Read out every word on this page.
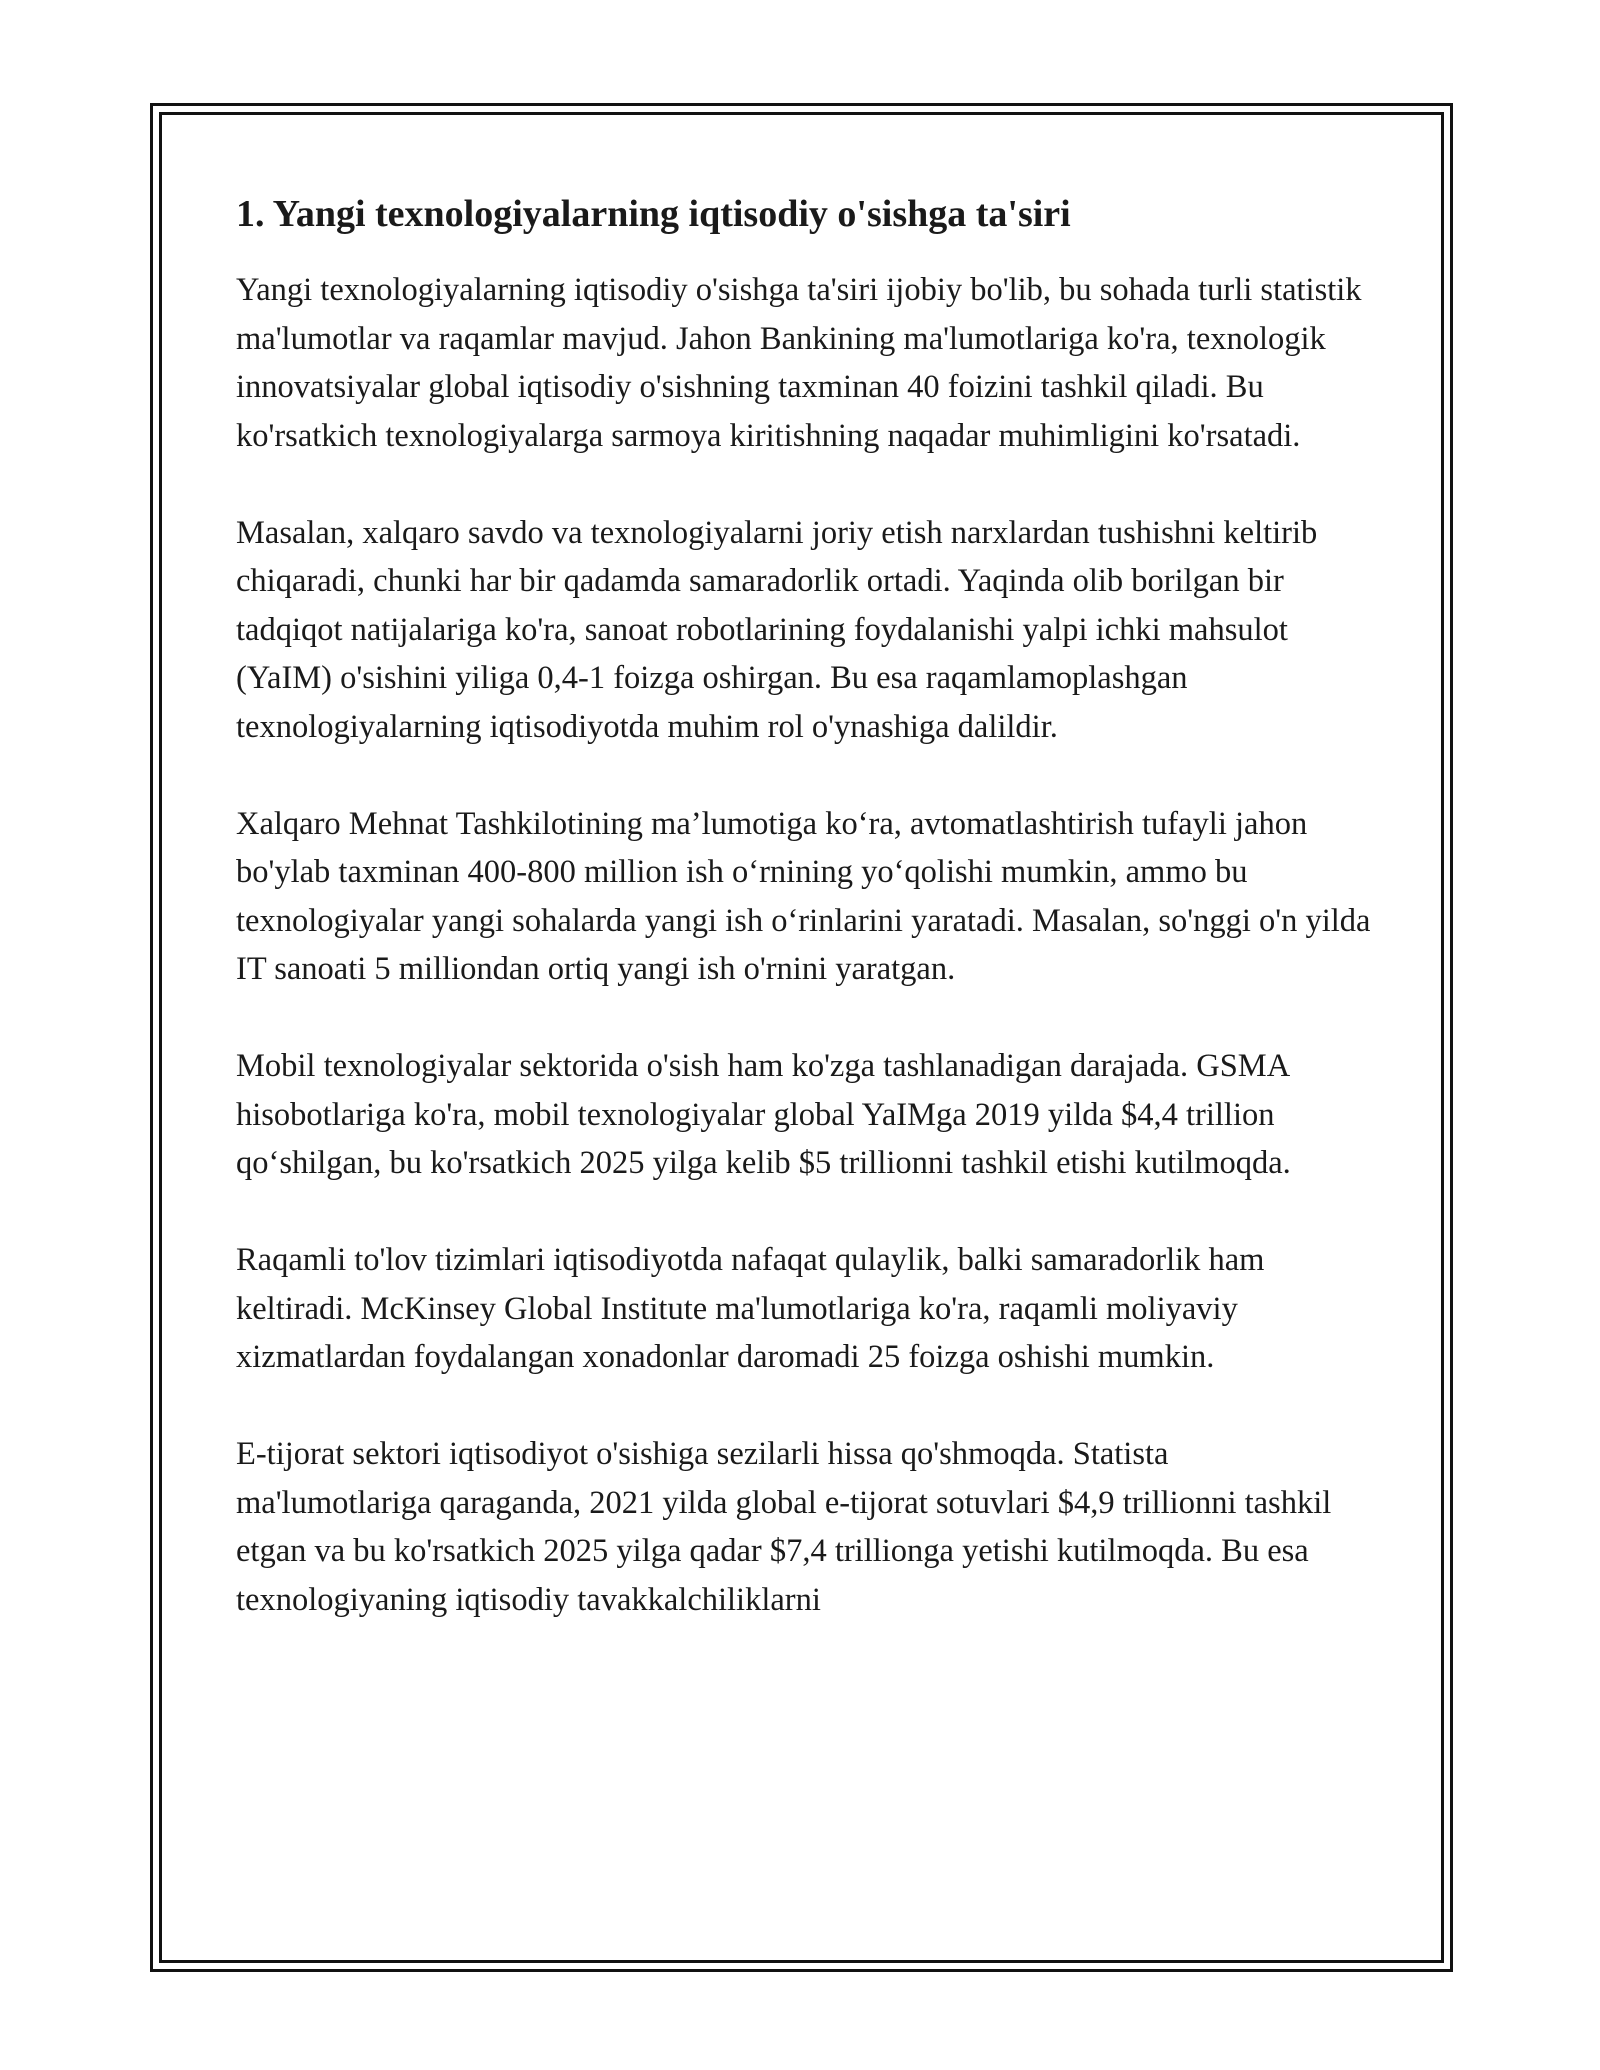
1. Yangi texnologiyalarning iqtisodiy o'sishga ta'siri

Yangi texnologiyalarning iqtisodiy o'sishga ta'siri ijobiy bo'lib, bu sohada turli statistik ma'lumotlar va raqamlar mavjud. Jahon Bankining ma'lumotlariga ko'ra, texnologik innovatsiyalar global iqtisodiy o'sishning taxminan 40 foizini tashkil qiladi. Bu ko'rsatkich texnologiyalarga sarmoya kiritishning naqadar muhimligini ko'rsatadi.

Masalan, xalqaro savdo va texnologiyalarni joriy etish narxlardan tushishni keltirib chiqaradi, chunki har bir qadamda samaradorlik ortadi. Yaqinda olib borilgan bir tadqiqot natijalariga ko'ra, sanoat robotlarining foydalanishi yalpi ichki mahsulot (YaIM) o'sishini yiliga 0,4-1 foizga oshirgan. Bu esa raqamlamoplashgan texnologiyalarning iqtisodiyotda muhim rol o'ynashiga dalildir.

Xalqaro Mehnat Tashkilotining ma’lumotiga ko‘ra, avtomatlashtirish tufayli jahon bo'ylab taxminan 400-800 million ish o‘rnining yo‘qolishi mumkin, ammo bu texnologiyalar yangi sohalarda yangi ish o‘rinlarini yaratadi. Masalan, so'nggi o'n yilda IT sanoati 5 milliondan ortiq yangi ish o'rnini yaratgan.

Mobil texnologiyalar sektorida o'sish ham ko'zga tashlanadigan darajada. GSMA hisobotlariga ko'ra, mobil texnologiyalar global YaIMga 2019 yilda $4,4 trillion qo‘shilgan, bu ko'rsatkich 2025 yilga kelib $5 trillionni tashkil etishi kutilmoqda.

Raqamli to'lov tizimlari iqtisodiyotda nafaqat qulaylik, balki samaradorlik ham keltiradi. McKinsey Global Institute ma'lumotlariga ko'ra, raqamli moliyaviy xizmatlardan foydalangan xonadonlar daromadi 25 foizga oshishi mumkin.

E-tijorat sektori iqtisodiyot o'sishiga sezilarli hissa qo'shmoqda. Statista ma'lumotlariga qaraganda, 2021 yilda global e-tijorat sotuvlari $4,9 trillionni tashkil etgan va bu ko'rsatkich 2025 yilga qadar $7,4 trillionga yetishi kutilmoqda. Bu esa texnologiyaning iqtisodiy tavakkalchiliklarni
